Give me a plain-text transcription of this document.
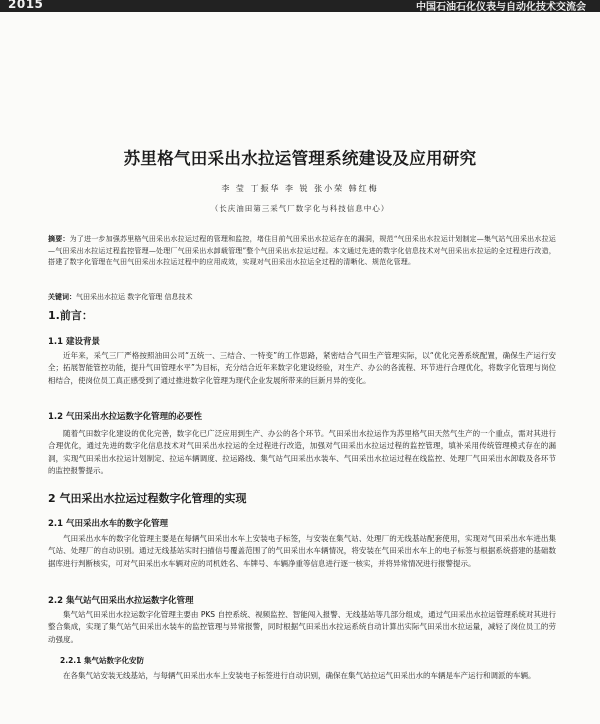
2015	中国石油石化仪表与自动化技术交流会
苏里格气田采出水拉运管理系统建设及应用研究
李 莹 丁振华 李 锐 张小荣 韩红梅
（长庆油田第三采气厂数字化与科技信息中心）
摘要：为了进一步加强苏里格气田采出水拉运过程的管理和监控，堵住目前气田采出水拉运存在的漏洞，规范“气田采出水拉运计划制定—集气站气田采出水拉运—气田采出水拉运过程监控管理—处理厂气田采出水卸载管理”整个气田采出水拉运过程。本文通过先进的数字化信息技术对气田采出水拉运的全过程进行改造，搭建了数字化管理在气田气田采出水拉运过程中的应用成效，实现对气田采出水拉运全过程的清晰化、规范化管理。
关键词：气田采出水拉运 数字化管理 信息技术
1.前言：
1.1 建设背景
近年来，采气三厂严格按照油田公司“五统一、三结合、一特变”的工作思路，紧密结合气田生产管理实际，以“优化完善系统配置，确保生产运行安全；拓展智能管控功能，提升气田管理水平”为目标，充分结合近年来数字化建设经验，对生产、办公的各流程、环节进行合理优化，将数字化管理与岗位相结合，使岗位员工真正感受到了通过推进数字化管理为现代企业发展所带来的巨新月异的变化。
1.2 气田采出水拉运数字化管理的必要性
随着气田数字化建设的优化完善，数字化已广泛应用到生产、办公的各个环节。气田采出水拉运作为苏里格气田天然气生产的一个重点，需对其进行合理优化，通过先进的数字化信息技术对气田采出水拉运的全过程进行改造，加强对气田采出水拉运过程的监控管理，填补采用传统管理模式存在的漏洞，实现气田采出水拉运计划制定、拉运车辆调度、拉运路线、集气站气田采出水装车、气田采出水拉运过程在线监控、处理厂气田采出水卸载及各环节的监控报警提示。
2 气田采出水拉运过程数字化管理的实现
2.1 气田采出水车的数字化管理
气田采出水车的数字化管理主要是在每辆气田采出水车上安装电子标签，与安装在集气站、处理厂的无线基站配套使用，实现对气田采出水车进出集气站、处理厂的自动识别。通过无线基站实时扫描信号覆盖范围了的气田采出水车辆情况，将安装在气田采出水车上的电子标签与根据系统搭建的基础数据库进行判断核实，可对气田采出水车辆对应的司机姓名、车牌号、车辆净重等信息进行逐一核实，并将异常情况进行报警提示。
2.2 集气站气田采出水拉运数字化管理
集气站气田采出水拉运数字化管理主要由 PKS 自控系统、视频监控、智能闯入报警、无线基站等几部分组成，通过气田采出水拉运管理系统对其进行整合集成，实现了集气站气田采出水装车的监控管理与异常报警，同时根据气田采出水拉运系统自动计算出实际气田采出水拉运量，减轻了岗位员工的劳动强度。
2.2.1 集气站数字化安防
在各集气站安装无线基站，与每辆气田采出水车上安装电子标签进行自动识别，确保在集气站拉运气田采出水的车辆是车产运行和调派的车辆。
